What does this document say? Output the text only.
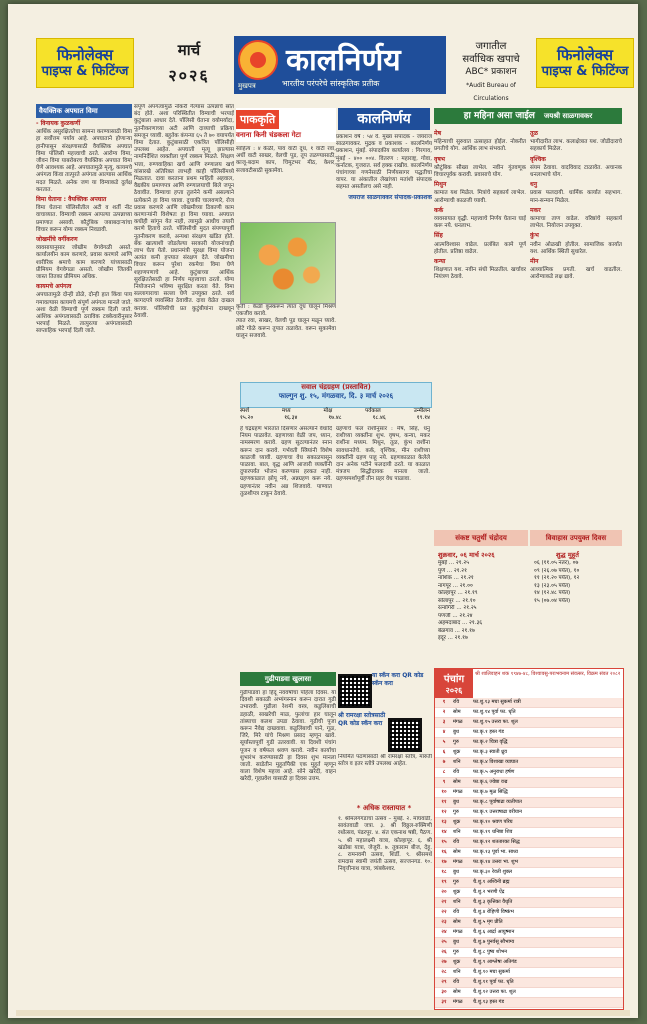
फिनोलेक्स
पाइप्स & फिटिंग्ज
मार्च
२०२६	कालनिर्णय
मुखपत्र	भारतीय परंपरेचे सांस्कृतिक प्रतीक
जगातील
सर्वाधिक खपाचे
ABC* प्रकाशन
*Audit Bureau of Circulations
फिनोलेक्स
पाइप्स & फिटिंग्ज
वैयक्तिक अपघात विमा
- विनायक कुळकर्णी
आर्थिक असुरक्षिततेचा सामना करण्यासाठी विमा हा सर्वोत्तम पर्याय आहे. अपघाताने होणाऱ्या हानीपासून संरक्षणासाठी वैयक्तिक अपघात विमा पॉलिसी महत्त्वाची ठरते. आरोग्य विमा, जीवन विमा याबरोबरच वैयक्तिक अपघात विमा घेणे आवश्यक आहे. अपघातामुळे मृत्यू, कायमचे अपंगत्व किंवा तात्पुरते अपंगत्व आल्यास आर्थिक मदत मिळते. अनेक जण या विम्याकडे दुर्लक्ष करतात.
विमा घेताना : वैयक्तिक अपघात
विमा घेताना पॉलिसीतील अटी व शर्ती नीट वाचाव्यात. विम्याची रक्कम आपल्या उत्पन्नाच्या प्रमाणात असावी. कौटुंबिक जबाबदाऱ्यांचा विचार करून योग्य रक्कम निवडावी.
जोखमींचे वर्गीकरण
व्यवसायानुसार जोखीम वेगवेगळी असते. कार्यालयीन काम करणारे, प्रवास करणारे आणि शारीरिक श्रमाचे काम करणारे यांच्यासाठी प्रीमियम वेगवेगळा असतो. जोखीम जितकी जास्त तितका प्रीमियम अधिक.
कायमचे अपंगत्व
अपघातामुळे दोन्ही डोळे, दोन्ही हात किंवा पाय गमावल्यास कायमचे संपूर्ण अपंगत्व मानले जाते. अशा वेळी विम्याची पूर्ण रक्कम दिली जाते. आंशिक अपंगत्वासाठी ठराविक टक्केवारीनुसार भरपाई मिळते. तात्पुरत्या अपंगत्वासाठी साप्ताहिक भरपाई दिली जाते.
संपूर्ण अपंगत्वामुळे नोकरी गेल्यास उत्पन्नाचे स्रोत बंद होते. अशा परिस्थितीत विम्याची भरपाई कुटुंबाला आधार देते. पॉलिसी घेताना वयोमर्यादा, नूतनीकरणाच्या अटी आणि दाव्याची प्रक्रिया समजून घ्यावी. बहुतेक कंपन्या ६५ ते ७० वयापर्यंत विमा देतात. कुटुंबासाठी एकत्रित पॉलिसीही उपलब्ध आहेत. अपघाती मृत्यू झाल्यास नामनिर्देशित व्यक्तीला पूर्ण रक्कम मिळते. शिक्षण भत्ता, रुग्णवाहिका खर्च आणि रुग्णालय खर्च यांसारखे अतिरिक्त लाभही काही पॉलिसींमध्ये मिळतात. दावा करताना प्रथम माहिती अहवाल, वैद्यकीय प्रमाणपत्र आणि रुग्णालयाची बिले जपून ठेवावीत. विम्याचा हप्ता तुलनेने कमी असल्याने प्रत्येकाने हा विमा घ्यावा. दुचाकी चालवणारे, रोज प्रवास करणारे आणि जोखमीच्या ठिकाणी काम करणाऱ्यांनी विशेषतः हा विमा घ्यावा. अपघात कधीही सांगून येत नाही, त्यामुळे आधीच तयारी करणे हिताचे ठरते. पॉलिसीची मुदत संपण्यापूर्वी नूतनीकरण करावे, अन्यथा संरक्षण खंडित होते. बँक खात्याशी जोडलेल्या सरकारी योजनांचाही लाभ घेता येतो. प्रधानमंत्री सुरक्षा विमा योजना अत्यंत कमी हप्त्यात संरक्षण देते. जोखमीचा विचार करून पुरेशा रकमेचा विमा घेणे शहाणपणाचे आहे. कुटुंबाच्या आर्थिक सुरक्षिततेसाठी हा निर्णय महत्त्वाचा ठरतो. योग्य नियोजनाने भविष्य सुरक्षित करता येते. विमा सल्लागाराचा सल्ला घेणे उपयुक्त ठरते. सर्व कागदपत्रे व्यवस्थित ठेवावीत. दावा वेळेत दाखल करावा. पॉलिसीची प्रत कुटुंबीयांना दाखवून ठेवावी.
पाककृति
वनाना किनी चंडकला गेटा
साहित्य : ४ केळी, पाव वाटी दूध, १ वाटी रवा, अर्धी वाटी साखर, वेलची पूड, तूप तळण्यासाठी, काजू-बदाम काप, चिमूटभर मीठ, केशर, सजावटीसाठी सुकामेवा.
कृती : केळी कुस्करून त्यात दूध घालून मिश्रण एकजीव करावे.
त्यात रवा, साखर, वेलची पूड घालून मळून घ्यावे. छोटे गोळे करून तुपात तळावेत. वरून सुकामेवा घालून सजवावे.
कालनिर्णय
प्रकाशन वर्ष : ५४ वे. मुख्य संपादक - जयराज साळगावकर. मुद्रक व प्रकाशक - कालनिर्णय प्रकाशन, मुंबई. संपादकीय कार्यालय : गिरगाव, मुंबई - ४०० ००४. वितरण : महाराष्ट्र, गोवा, कर्नाटक, गुजरात. सर्व हक्क राखीव. कालनिर्णय पंचांगाच्या गणनेसाठी निर्णयसागर पद्धतीचा वापर. या अंकातील लेखांच्या मतांशी संपादक सहमत असतीलच असे नाही.
जयराज साळगावकर संपादक-प्रकाशक
सवाल चंद्रग्रहण (प्रस्तावित)
फाल्गुन शु. १५, मंगळवार, दि. ३ मार्च २०२६
स्पर्श	मध्य	मोक्ष	पर्वकाल	उन्मीलन
१५.२०	१६.३४	१७.४८	१८.४६	१९.१४
हे चंद्रग्रहण भारतात दिसणार असल्याने वेधादि नियम पाळावेत. ग्रहणाच्या वेळी जप, ध्यान, नामस्मरण करावे. ग्रहण सुटल्यानंतर स्नान करून दान करावे. गर्भवती स्त्रियांनी विशेष काळजी घ्यावी. ग्रहणाचा वेध सकाळपासून पाळावा. बाल, वृद्ध आणि आजारी व्यक्तींनी दुपारपर्यंत भोजन करण्यास हरकत नाही. ग्रहणकाळात झोपू नये, अन्नग्रहण करू नये. ग्रहणानंतर नवीन अन्न शिजवावे. पाण्यात तुळशीपत्र टाकून ठेवावे.
ग्रहणाचे फल राशीनुसार : मेष, सिंह, धनु राशीच्या व्यक्तींना शुभ. वृषभ, कन्या, मकर राशींना मध्यम. मिथुन, तूळ, कुंभ राशींना सावधानतेचे. कर्क, वृश्चिक, मीन राशीच्या व्यक्तींनी ग्रहण पाहू नये. ग्रहणकाळात केलेले दान अनेक पटीने फलदायी ठरते. या काळात मंत्रजप सिद्धीदायक मानला जातो. ग्रहणस्पर्शापूर्वी तीन प्रहर वेध पाळावा.
गुढीपाडवा खुलासा
गुढीपाडवा हा हिंदू नववर्षाचा पहिला दिवस. या दिवशी सकाळी अभ्यंगस्नान करून दारात गुढी उभारावी. गुढीला रेशमी वस्त्र, कडुलिंबाची डहाळी, साखरेची माळ, फुलांचा हार घालून तांब्याचा कलश उपडा ठेवावा. गुढीची पूजा करून नैवेद्य दाखवावा. कडुलिंबाची पाने, गूळ, जिरे, मिरे यांचे मिश्रण प्रसाद म्हणून खावे. सूर्यास्तापूर्वी गुढी उतरवावी. या दिवशी पंचांग पूजन व वर्षफल श्रवण करावे. नवीन कार्याचा शुभारंभ करण्यासाठी हा दिवस शुभ मानला जातो. साडेतीन मुहूर्तांपैकी एक मुहूर्त म्हणून याला विशेष महत्त्व आहे. सोने खरेदी, वाहन खरेदी, गृहप्रवेश यासाठी हा दिवस उत्तम.
या स्कॅन करा QR कोड स्कॅन करा
श्री रामरक्षा स्तोत्रसाठी QR कोड स्कॅन करा
नियमित पठणासाठी श्री रामरक्षा स्तोत्र, मारुती स्तोत्र व इतर स्तोत्रे उपलब्ध आहेत.
* अधिक रास्तायात *
१. श्रीमलंगगडाचा उत्सव – मुंबई. २. माघवाडी, सावंतवाडी जत्रा. ३. श्री विठ्ठल-रुक्मिणी रथोत्सव, पंढरपूर. ४. संत एकनाथ षष्ठी, पैठण. ५. श्री महालक्ष्मी यात्रा, कोल्हापूर. ६. श्री खंडोबा यात्रा, जेजुरी. ७. तुकाराम बीज, देहू. ८. रामनवमी उत्सव, शिर्डी. ९. श्रीसमर्थ रामदास स्वामी जयंती उत्सव, सज्जनगड. १०. निवृत्तीनाथ यात्रा, त्र्यंबकेश्वर.
हा महिना असा जाईल जयश्री साळगावकर
मेष
महिन्याची सुरुवात उत्साहात होईल. नोकरीत प्रगतीचे योग. आर्थिक लाभ संभवतो.
वृषभ
कौटुंबिक सौख्य लाभेल. नवीन गुंतवणूक विचारपूर्वक करावी. प्रवासाचे योग.
मिथुन
कामात यश मिळेल. मित्रांचे सहकार्य लाभेल. आरोग्याची काळजी घ्यावी.
कर्क
व्यवसायात वृद्धी. महत्त्वाचे निर्णय घेताना घाई करू नये. धनलाभ.
सिंह
आत्मविश्वास वाढेल. प्रलंबित कामे पूर्ण होतील. प्रतिष्ठा वाढेल.
कन्या
शिक्षणात यश. नवीन संधी मिळतील. खर्चावर नियंत्रण ठेवावे.
तूळ
भागीदारीत लाभ. कलाक्षेत्रात यश. जोडीदाराचे सहकार्य मिळेल.
वृश्चिक
संयम ठेवावा. वादविवाद टाळावेत. अचानक धनलाभाचे योग.
धनु
प्रवास फलदायी. धार्मिक कार्यात सहभाग. मान-सन्मान मिळेल.
मकर
कामाचा ताण वाढेल. वरिष्ठांचे सहकार्य लाभेल. नियोजन उपयुक्त.
कुंभ
नवीन ओळखी होतील. सामाजिक कार्यात यश. आर्थिक स्थिती सुधारेल.
मीन
आध्यात्मिक प्रगती. खर्च वाढतील. आरोग्याकडे लक्ष द्यावे.
संकष्ट चतुर्थी चंद्रोदय
शुक्रवार, ०६ मार्च २०२६
मुंबई ... २१.२५
पुणे ... २१.२१
नाशिक ... २१.२१
नागपूर ... २१.००
कोल्हापूर ... २१.१९
सोलापूर ... २१.१०
रत्नागिरी ... २१.२५
पणजी ... २१.२४
अहमदाबाद ... २१.३६
बेळगाव ... २१.१७
इंदूर ... २१.१७
विवाहास उपयुक्त दिवस
शुद्ध मुहूर्त
०६ (११.०५ नंतर), ०७
०९ (२६.०७ पर्यंत), १०
११ (२१.२० पर्यंत), १२
१३ (२३.०५ पर्यंत)
१४ (१२.४८ पर्यंत)
१५ (०७.०४ पर्यंत)
पंचांग
२०२६
श्री शालिवाहन शक १९४७-४८, विश्वावसु-पराभवनाम संवत्सर, विक्रम संवत २०८२
१	रवि	फा.शु.१३ मघा सुकर्मा रात्री
२	सोम	फा.शु.१४ पूर्वा फा. धृति
३	मंगळ	फा.शु.१५ उत्तरा फा. शूल
४	बुध	फा.कृ.१ हस्त गंड
५	गुरु	फा.कृ.२ चित्रा वृद्धि
६	शुक्र	फा.कृ.३ स्वाती ध्रुव
७	शनि	फा.कृ.४ विशाखा व्याघात
८	रवि	फा.कृ.५ अनुराधा हर्षण
९	सोम	फा.कृ.६ ज्येष्ठा वज्र
१०	मंगळ	फा.कृ.७ मूळ सिद्धि
११	बुध	फा.कृ.८ पूर्वाषाढा व्यतीपात
१२	गुरु	फा.कृ.९ उत्तराषाढा वरीयान
१३	शुक्र	फा.कृ.१० श्रवण परिघ
१४	शनि	फा.कृ.११ धनिष्ठा शिव
१५	रवि	फा.कृ.१२ शततारका सिद्ध
१६	सोम	फा.कृ.१३ पूर्वा भा. साध्य
१७	मंगळ	फा.कृ.१४ उत्तरा भा. शुभ
१८	बुध	फा.कृ.३० रेवती शुक्ल
१९	गुरु	चै.शु.१ अश्विनी ब्रह्म
२०	शुक्र	चै.शु.२ भरणी ऐंद्र
२१	शनि	चै.शु.३ कृत्तिका वैधृति
२२	रवि	चै.शु.४ रोहिणी विष्कंभ
२३	सोम	चै.शु.५ मृग प्रीति
२४	मंगळ	चै.शु.६ आर्द्रा आयुष्मान
२५	बुध	चै.शु.७ पुनर्वसू सौभाग्य
२६	गुरु	चै.शु.८ पुष्य शोभन
२७	शुक्र	चै.शु.९ आश्लेषा अतिगंड
२८	शनि	चै.शु.१० मघा सुकर्मा
२९	रवि	चै.शु.११ पूर्वा फा. धृति
३०	सोम	चै.शु.१२ उत्तरा फा. शूल
३१	मंगळ	चै.शु.१३ हस्त गंड
